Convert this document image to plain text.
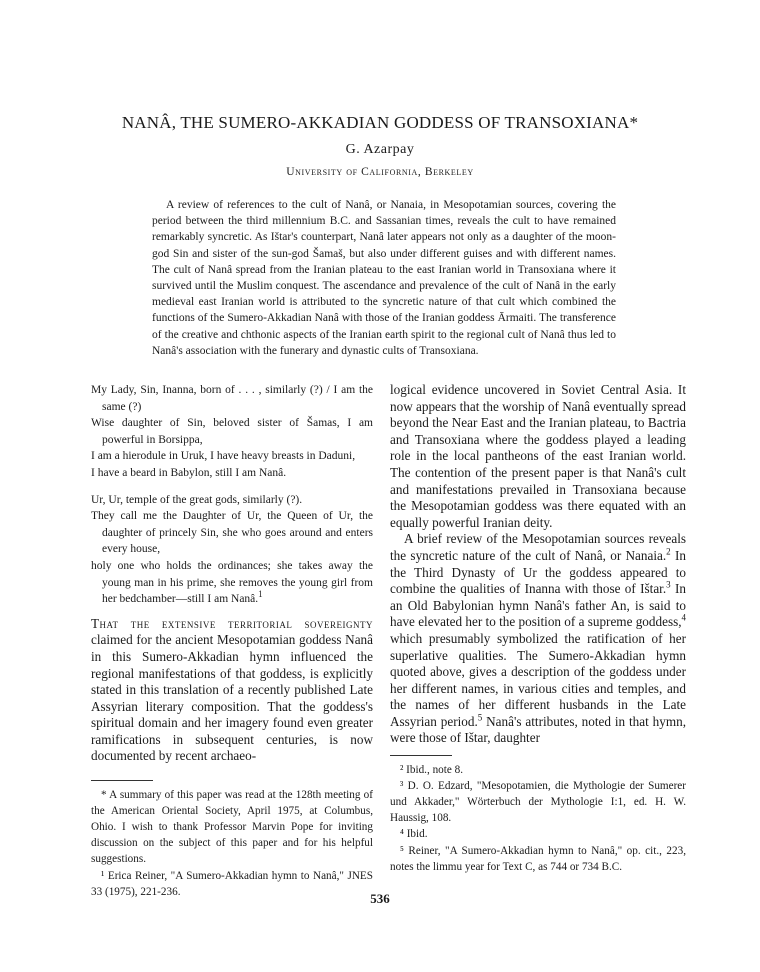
NANÂ, THE SUMERO-AKKADIAN GODDESS OF TRANSOXIANA*
G. Azarpay
University of California, Berkeley

A review of references to the cult of Nanâ, or Nanaia, in Mesopotamian sources, covering the period between the third millennium B.C. and Sassanian times, reveals the cult to have remained remarkably syncretic. As Ištar's counterpart, Nanâ later appears not only as a daughter of the moon-god Sin and sister of the sun-god Šamaš, but also under different guises and with different names. The cult of Nanâ spread from the Iranian plateau to the east Iranian world in Transoxiana where it survived until the Muslim conquest. The ascendance and prevalence of the cult of Nanâ in the early medieval east Iranian world is attributed to the syncretic nature of that cult which combined the functions of the Sumero-Akkadian Nanâ with those of the Iranian goddess Ārmaiti. The transference of the creative and chthonic aspects of the Iranian earth spirit to the regional cult of Nanâ thus led to Nanâ's association with the funerary and dynastic cults of Transoxiana.

My Lady, Sin, Inanna, born of . . . , similarly (?) / I am the same (?)
Wise daughter of Sin, beloved sister of Šamas, I am powerful in Borsippa,
I am a hierodule in Uruk, I have heavy breasts in Daduni,
I have a beard in Babylon, still I am Nanâ.
Ur, Ur, temple of the great gods, similarly (?).
They call me the Daughter of Ur, the Queen of Ur, the daughter of princely Sin, she who goes around and enters every house,
holy one who holds the ordinances; she takes away the young man in his prime, she removes the young girl from her bedchamber—still I am Nanâ.$^1$

That the extensive territorial sovereignty claimed for the ancient Mesopotamian goddess Nanâ in this Sumero-Akkadian hymn influenced the regional manifestations of that goddess, is explicitly stated in this translation of a recently published Late Assyrian literary composition. That the goddess's spiritual domain and her imagery found even greater ramifications in subsequent centuries, is now documented by recent archaeo-

* A summary of this paper was read at the 128th meeting of the American Oriental Society, April 1975, at Columbus, Ohio. I wish to thank Professor Marvin Pope for inviting discussion on the subject of this paper and for his helpful suggestions.
¹ Erica Reiner, "A Sumero-Akkadian hymn to Nanâ," JNES 33 (1975), 221-236.

logical evidence uncovered in Soviet Central Asia. It now appears that the worship of Nanâ eventually spread beyond the Near East and the Iranian plateau, to Bactria and Transoxiana where the goddess played a leading role in the local pantheons of the east Iranian world. The contention of the present paper is that Nanâ's cult and manifestations prevailed in Transoxiana because the Mesopotamian goddess was there equated with an equally powerful Iranian deity.

A brief review of the Mesopotamian sources reveals the syncretic nature of the cult of Nanâ, or Nanaia.$^2$ In the Third Dynasty of Ur the goddess appeared to combine the qualities of Inanna with those of Ištar.$^3$ In an Old Babylonian hymn Nanâ's father An, is said to have elevated her to the position of a supreme goddess,$^4$ which presumably symbolized the ratification of her superlative qualities. The Sumero-Akkadian hymn quoted above, gives a description of the goddess under her different names, in various cities and temples, and the names of her different husbands in the Late Assyrian period.$^5$ Nanâ's attributes, noted in that hymn, were those of Ištar, daughter

² Ibid., note 8.
³ D. O. Edzard, "Mesopotamien, die Mythologie der Sumerer und Akkader," Wörterbuch der Mythologie I:1, ed. H. W. Haussig, 108.
⁴ Ibid.
⁵ Reiner, "A Sumero-Akkadian hymn to Nanâ," op. cit., 223, notes the limmu year for Text C, as 744 or 734 B.C.
536
